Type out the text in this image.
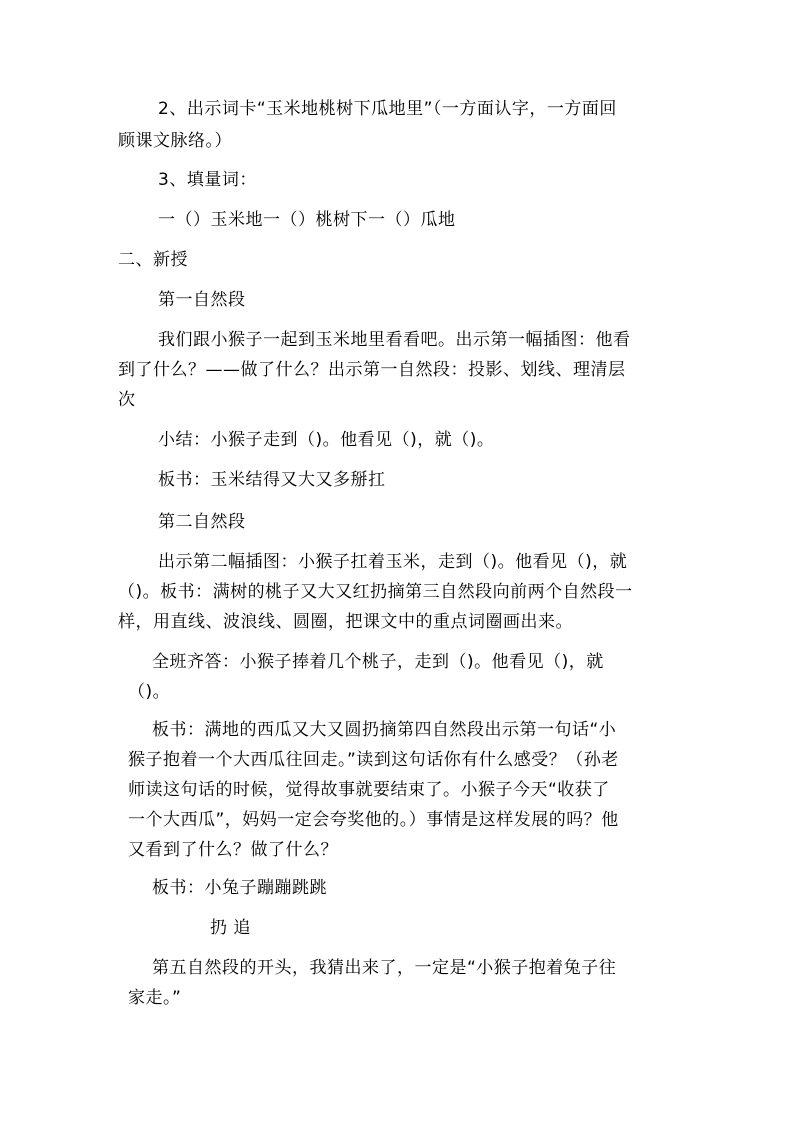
2、出示词卡“玉米地桃树下瓜地里”（一方面认字，一方面回
顾课文脉络。）
3、填量词：
一（）玉米地一（）桃树下一（）瓜地
二、新授
第一自然段
我们跟小猴子一起到玉米地里看看吧。出示第一幅插图：他看
到了什么？——做了什么？出示第一自然段：投影、划线、理清层
次
小结：小猴子走到（)。他看见（)，就（)。
板书：玉米结得又大又多掰扛
第二自然段
出示第二幅插图：小猴子扛着玉米，走到（)。他看见（)，就
（)。板书：满树的桃子又大又红扔摘第三自然段向前两个自然段一
样，用直线、波浪线、圆圈，把课文中的重点词圈画出来。
全班齐答：小猴子捧着几个桃子，走到（)。他看见（)，就
（)。
板书：满地的西瓜又大又圆扔摘第四自然段出示第一句话“小
猴子抱着一个大西瓜往回走。”读到这句话你有什么感受？（孙老
师读这句话的时候，觉得故事就要结束了。小猴子今天“收获了
一个大西瓜”，妈妈一定会夸奖他的。）事情是这样发展的吗？他
又看到了什么？做了什么？
板书：小兔子蹦蹦跳跳
扔 追
第五自然段的开头，我猜出来了，一定是“小猴子抱着兔子往
家走。”
